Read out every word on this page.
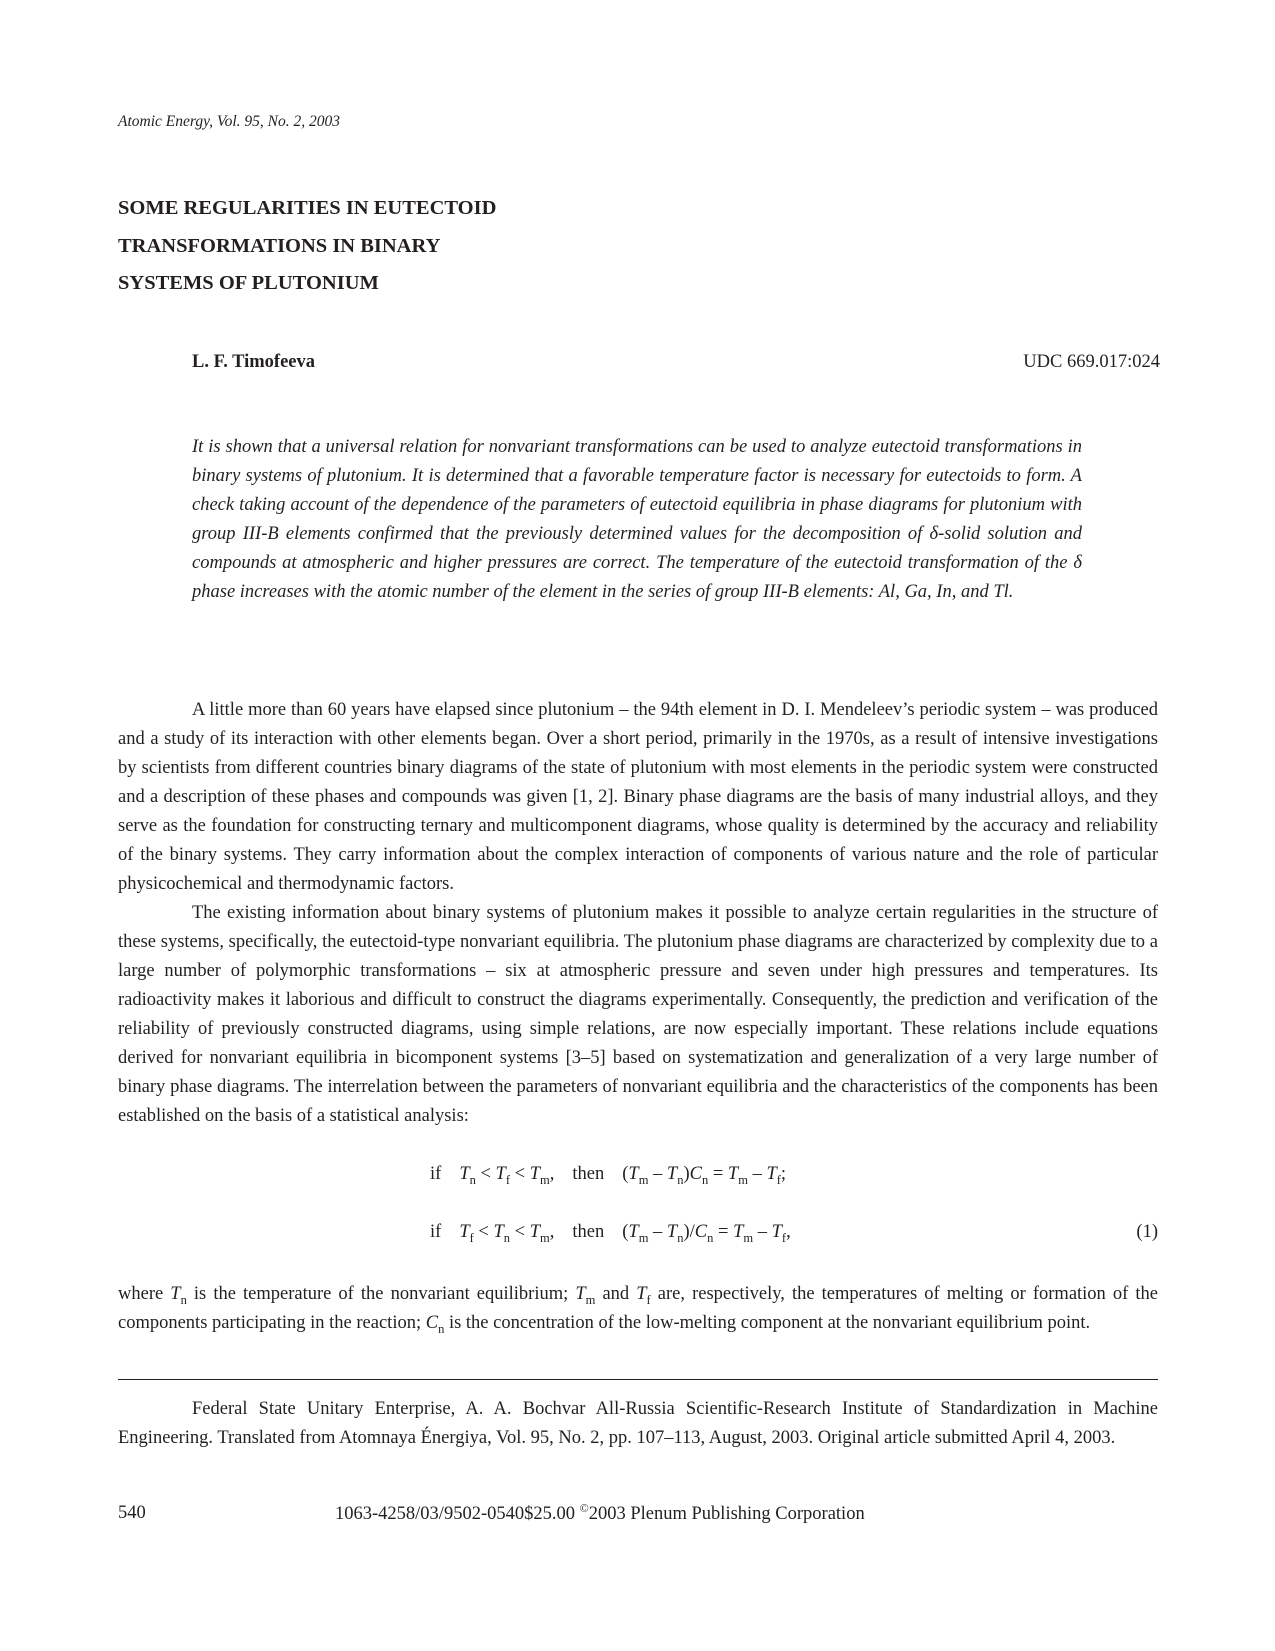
Atomic Energy, Vol. 95, No. 2, 2003
SOME REGULARITIES IN EUTECTOID
TRANSFORMATIONS IN BINARY
SYSTEMS OF PLUTONIUM
L. F. Timofeeva	UDC 669.017:024
It is shown that a universal relation for nonvariant transformations can be used to analyze eutectoid transformations in binary systems of plutonium. It is determined that a favorable temperature factor is necessary for eutectoids to form. A check taking account of the dependence of the parameters of eutectoid equilibria in phase diagrams for plutonium with group III-B elements confirmed that the previously determined values for the decomposition of δ-solid solution and compounds at atmospheric and higher pressures are correct. The temperature of the eutectoid transformation of the δ phase increases with the atomic number of the element in the series of group III-B elements: Al, Ga, In, and Tl.

A little more than 60 years have elapsed since plutonium – the 94th element in D. I. Mendeleev’s periodic system – was produced and a study of its interaction with other elements began. Over a short period, primarily in the 1970s, as a result of intensive investigations by scientists from different countries binary diagrams of the state of plutonium with most elements in the periodic system were constructed and a description of these phases and compounds was given [1, 2]. Binary phase diagrams are the basis of many industrial alloys, and they serve as the foundation for constructing ternary and multicomponent diagrams, whose quality is determined by the accuracy and reliability of the binary systems. They carry information about the complex interaction of components of various nature and the role of particular physicochemical and thermodynamic factors.

The existing information about binary systems of plutonium makes it possible to analyze certain regularities in the structure of these systems, specifically, the eutectoid-type nonvariant equilibria. The plutonium phase diagrams are characterized by complexity due to a large number of polymorphic transformations – six at atmospheric pressure and seven under high pressures and temperatures. Its radioactivity makes it laborious and difficult to construct the diagrams experimentally. Consequently, the prediction and verification of the reliability of previously constructed diagrams, using simple relations, are now especially important. These relations include equations derived for nonvariant equilibria in bicomponent systems [3–5] based on systematization and generalization of a very large number of binary phase diagrams. The interrelation between the parameters of nonvariant equilibria and the characteristics of the components has been established on the basis of a statistical analysis:

if $T_n < T_f < T_m$, then $(T_m - T_n)C_n = T_m - T_f$;
if $T_f < T_n < T_m$, then $(T_m - T_n)/C_n = T_m - T_f$,	(1)
where $T_n$ is the temperature of the nonvariant equilibrium; $T_m$ and $T_f$ are, respectively, the temperatures of melting or formation of the components participating in the reaction; $C_n$ is the concentration of the low-melting component at the nonvariant equilibrium point.

Federal State Unitary Enterprise, A. A. Bochvar All-Russia Scientific-Research Institute of Standardization in Machine Engineering. Translated from Atomnaya Énergiya, Vol. 95, No. 2, pp. 107–113, August, 2003. Original article submitted April 4, 2003.

540	1063-4258/03/9502-0540$25.00 ©2003 Plenum Publishing Corporation
